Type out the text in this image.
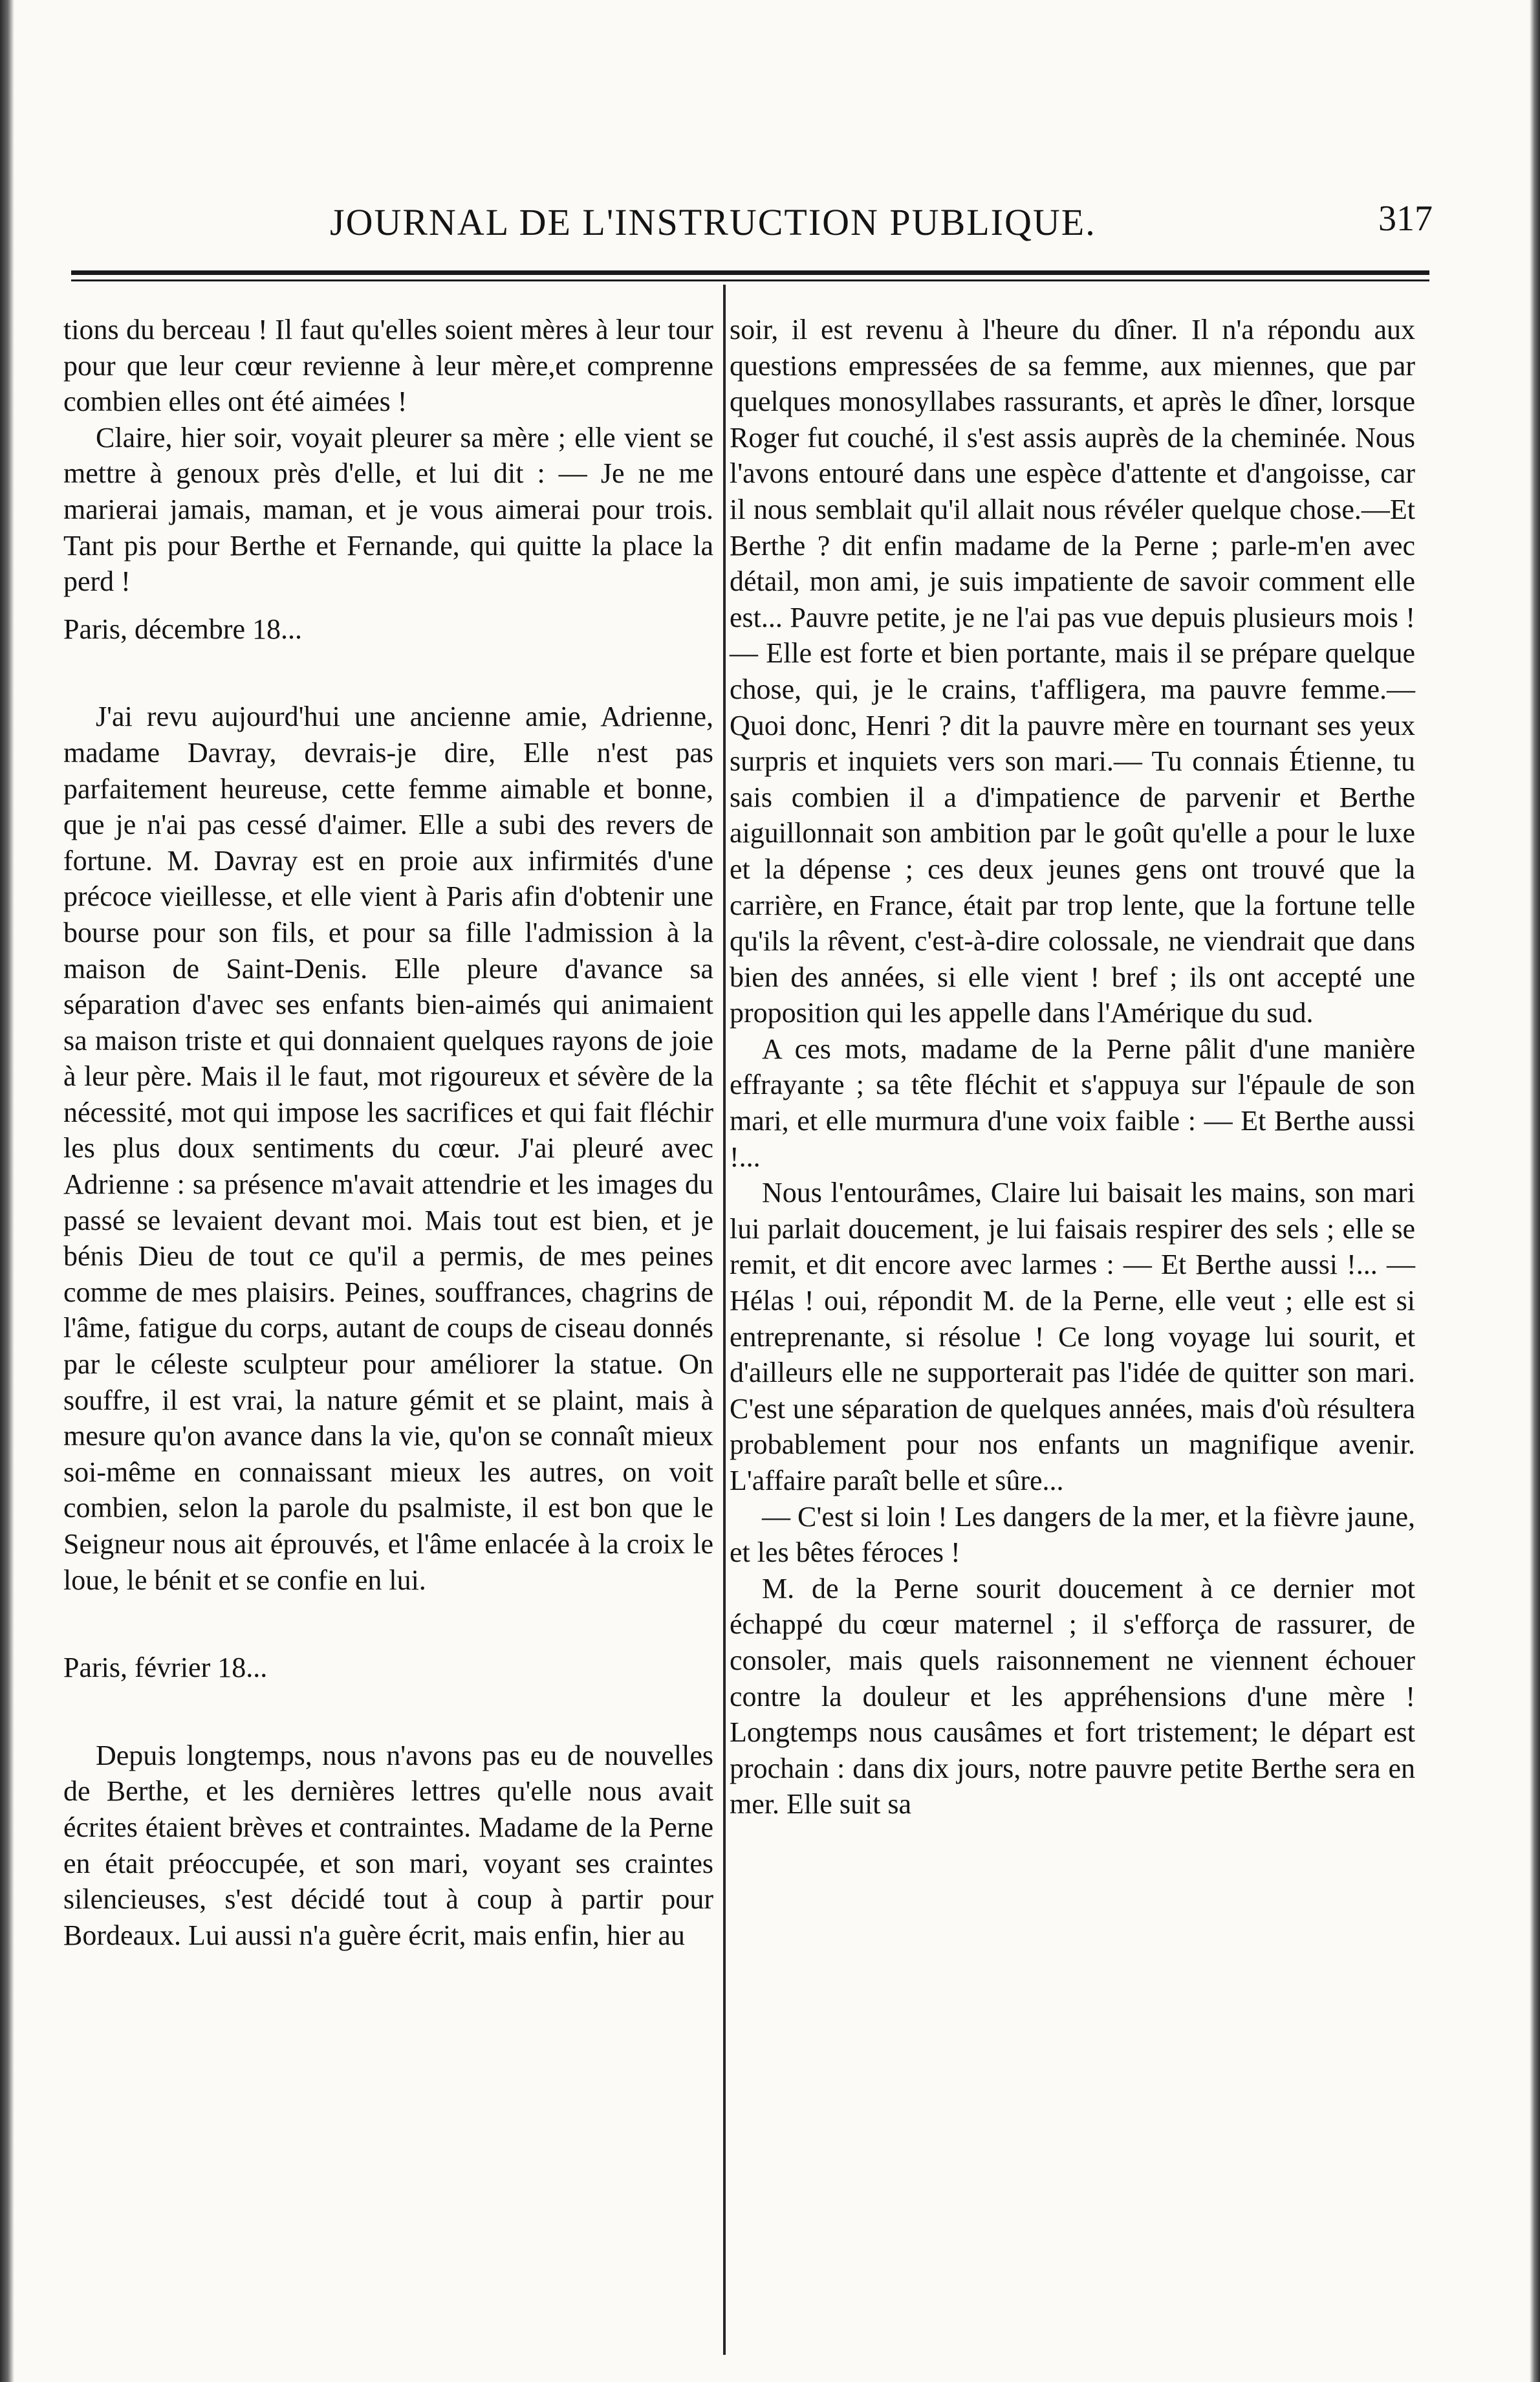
JOURNAL DE L'INSTRUCTION PUBLIQUE.	317

tions du berceau ! Il faut qu'elles soient mères à leur tour pour que leur cœur revienne à leur mère,et comprenne combien elles ont été aimées !

Claire, hier soir, voyait pleurer sa mère ; elle vient se mettre à genoux près d'elle, et lui dit : — Je ne me marierai jamais, maman, et je vous aimerai pour trois. Tant pis pour Berthe et Fernande, qui quitte la place la perd !

Paris, décembre 18...

J'ai revu aujourd'hui une ancienne amie, Adrienne, madame Davray, devrais-je dire, Elle n'est pas parfaitement heureuse, cette femme aimable et bonne, que je n'ai pas cessé d'aimer. Elle a subi des revers de fortune. M. Davray est en proie aux infirmités d'une précoce vieillesse, et elle vient à Paris afin d'obtenir une bourse pour son fils, et pour sa fille l'admission à la maison de Saint-Denis. Elle pleure d'avance sa séparation d'avec ses enfants bien-aimés qui animaient sa maison triste et qui donnaient quelques rayons de joie à leur père. Mais il le faut, mot rigoureux et sévère de la nécessité, mot qui impose les sacrifices et qui fait fléchir les plus doux sentiments du cœur. J'ai pleuré avec Adrienne : sa présence m'avait attendrie et les images du passé se levaient devant moi. Mais tout est bien, et je bénis Dieu de tout ce qu'il a permis, de mes peines comme de mes plaisirs. Peines, souffrances, chagrins de l'âme, fatigue du corps, autant de coups de ciseau donnés par le céleste sculpteur pour améliorer la statue. On souffre, il est vrai, la nature gémit et se plaint, mais à mesure qu'on avance dans la vie, qu'on se connaît mieux soi-même en connaissant mieux les autres, on voit combien, selon la parole du psalmiste, il est bon que le Seigneur nous ait éprouvés, et l'âme enlacée à la croix le loue, le bénit et se confie en lui.

Paris, février 18...

Depuis longtemps, nous n'avons pas eu de nouvelles de Berthe, et les dernières lettres qu'elle nous avait écrites étaient brèves et contraintes. Madame de la Perne en était préoccupée, et son mari, voyant ses craintes silencieuses, s'est décidé tout à coup à partir pour Bordeaux. Lui aussi n'a guère écrit, mais enfin, hier au

soir, il est revenu à l'heure du dîner. Il n'a répondu aux questions empressées de sa femme, aux miennes, que par quelques monosyllabes rassurants, et après le dîner, lorsque Roger fut couché, il s'est assis auprès de la cheminée. Nous l'avons entouré dans une espèce d'attente et d'angoisse, car il nous semblait qu'il allait nous révéler quelque chose.—Et Berthe ? dit enfin madame de la Perne ; parle-m'en avec détail, mon ami, je suis impatiente de savoir comment elle est... Pauvre petite, je ne l'ai pas vue depuis plusieurs mois ! — Elle est forte et bien portante, mais il se prépare quelque chose, qui, je le crains, t'affligera, ma pauvre femme.— Quoi donc, Henri ? dit la pauvre mère en tournant ses yeux surpris et inquiets vers son mari.— Tu connais Étienne, tu sais combien il a d'impatience de parvenir et Berthe aiguillonnait son ambition par le goût qu'elle a pour le luxe et la dépense ; ces deux jeunes gens ont trouvé que la carrière, en France, était par trop lente, que la fortune telle qu'ils la rêvent, c'est-à-dire colossale, ne viendrait que dans bien des années, si elle vient ! bref ; ils ont accepté une proposition qui les appelle dans l'Amérique du sud.

A ces mots, madame de la Perne pâlit d'une manière effrayante ; sa tête fléchit et s'appuya sur l'épaule de son mari, et elle murmura d'une voix faible : — Et Berthe aussi !...

Nous l'entourâmes, Claire lui baisait les mains, son mari lui parlait doucement, je lui faisais respirer des sels ; elle se remit, et dit encore avec larmes : — Et Berthe aussi !... — Hélas ! oui, répondit M. de la Perne, elle veut ; elle est si entreprenante, si résolue ! Ce long voyage lui sourit, et d'ailleurs elle ne supporterait pas l'idée de quitter son mari. C'est une séparation de quelques années, mais d'où résultera probablement pour nos enfants un magnifique avenir. L'affaire paraît belle et sûre...

— C'est si loin ! Les dangers de la mer, et la fièvre jaune, et les bêtes féroces !

M. de la Perne sourit doucement à ce dernier mot échappé du cœur maternel ; il s'efforça de rassurer, de consoler, mais quels raisonnement ne viennent échouer contre la douleur et les appréhensions d'une mère ! Longtemps nous causâmes et fort tristement; le départ est prochain : dans dix jours, notre pauvre petite Berthe sera en mer. Elle suit sa
